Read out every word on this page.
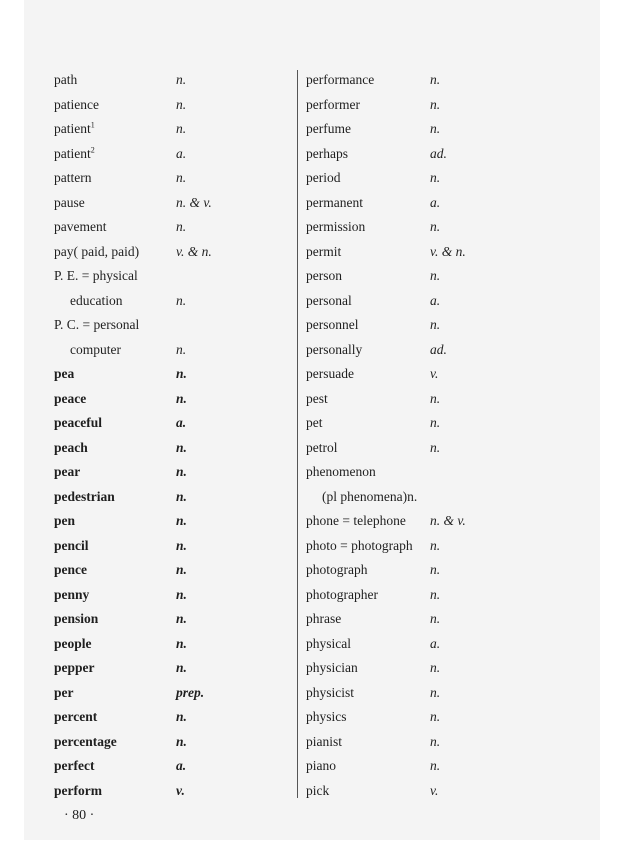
path	n.
patience	n.
patient$^1$	n.
patient$^2$	a.
pattern	n.
pause	n. & v.
pavement	n.
pay( paid, paid)	v. & n.
P. E. = physical
education	n.
P. C. = personal
computer	n.
pea	n.
peace	n.
peaceful	a.
peach	n.
pear	n.
pedestrian	n.
pen	n.
pencil	n.
pence	n.
penny	n.
pension	n.
people	n.
pepper	n.
per	prep.
percent	n.
percentage	n.
perfect	a.
perform	v.
performance	n.
performer	n.
perfume	n.
perhaps	ad.
period	n.
permanent	a.
permission	n.
permit	v. & n.
person	n.
personal	a.
personnel	n.
personally	ad.
persuade	v.
pest	n.
pet	n.
petrol	n.
phenomenon
(pl phenomena)n.
phone = telephone n. & v.
photo = photograph n.
photograph	n.
photographer	n.
phrase	n.
physical	a.
physician	n.
physicist	n.
physics	n.
pianist	n.
piano	n.
pick	v.
· 80 ·
